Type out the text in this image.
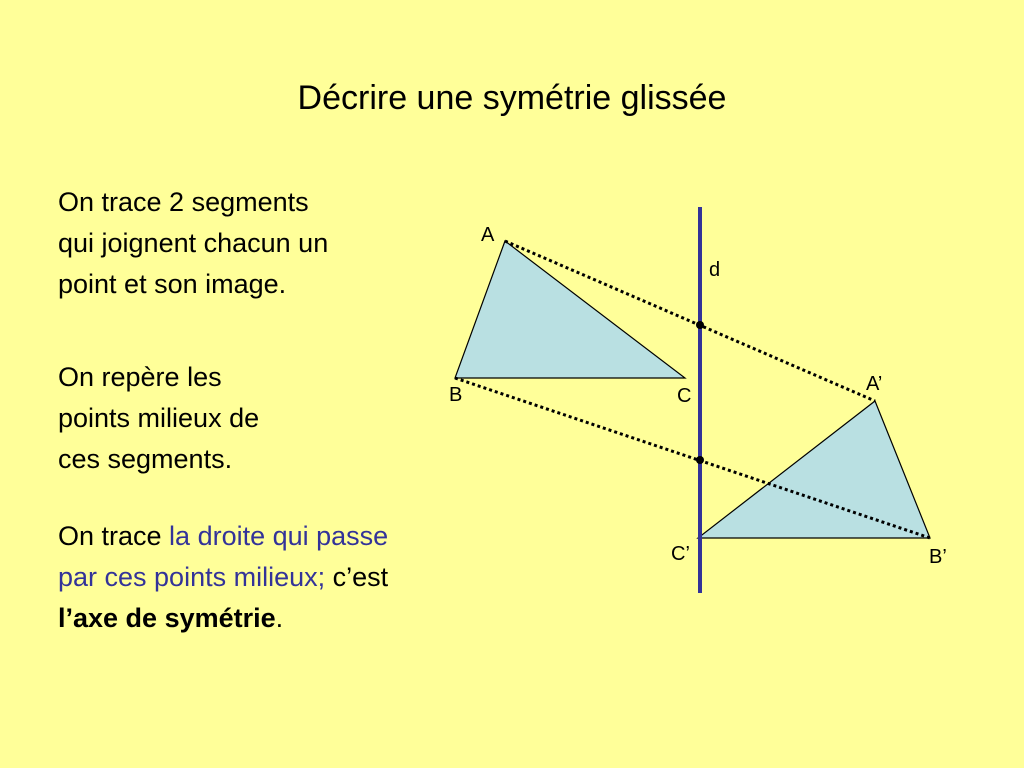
Décrire une symétrie glissée
On trace 2 segments
qui joignent chacun un
point et son image.
On repère les
points milieux de
ces segments.
On trace la droite qui passe
par ces points milieux; c’est
l’axe de symétrie.
A
B	C
A’
B’
C’
d
